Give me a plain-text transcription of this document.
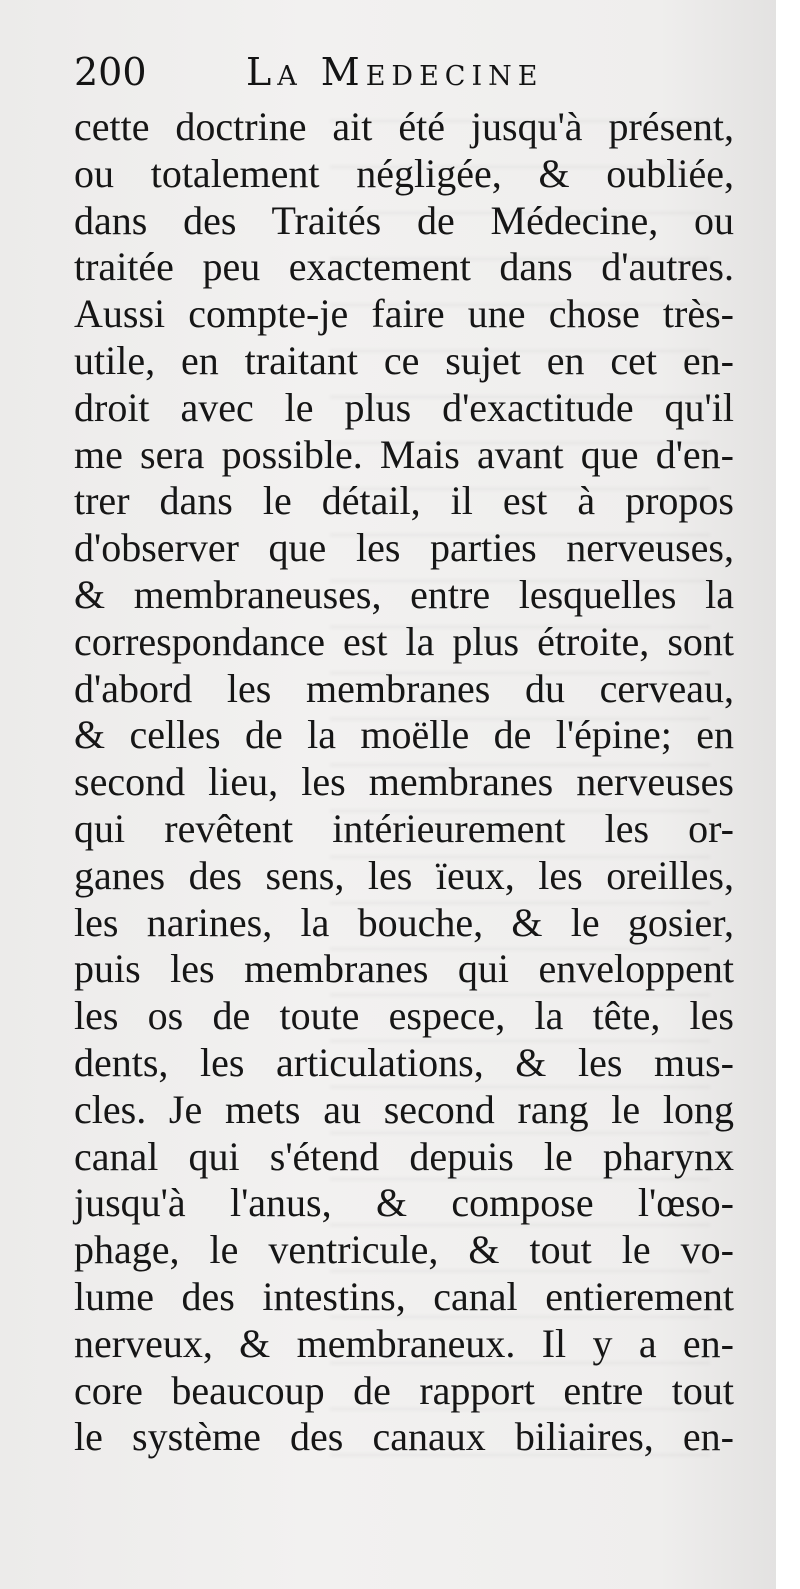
200	La Medecine
cette doctrine ait été jusqu'à présent,
ou totalement négligée, & oubliée,
dans des Traités de Médecine, ou
traitée peu exactement dans d'autres.
Aussi compte-je faire une chose très-
utile, en traitant ce sujet en cet en-
droit avec le plus d'exactitude qu'il
me sera possible. Mais avant que d'en-
trer dans le détail, il est à propos
d'observer que les parties nerveuses,
& membraneuses, entre lesquelles la
correspondance est la plus étroite, sont
d'abord les membranes du cerveau,
& celles de la moëlle de l'épine; en
second lieu, les membranes nerveuses
qui revêtent intérieurement les or-
ganes des sens, les ïeux, les oreilles,
les narines, la bouche, & le gosier,
puis les membranes qui enveloppent
les os de toute espece, la tête, les
dents, les articulations, & les mus-
cles. Je mets au second rang le long
canal qui s'étend depuis le pharynx
jusqu'à l'anus, & compose l'œso-
phage, le ventricule, & tout le vo-
lume des intestins, canal entierement
nerveux, & membraneux. Il y a en-
core beaucoup de rapport entre tout
le système des canaux biliaires, en-
